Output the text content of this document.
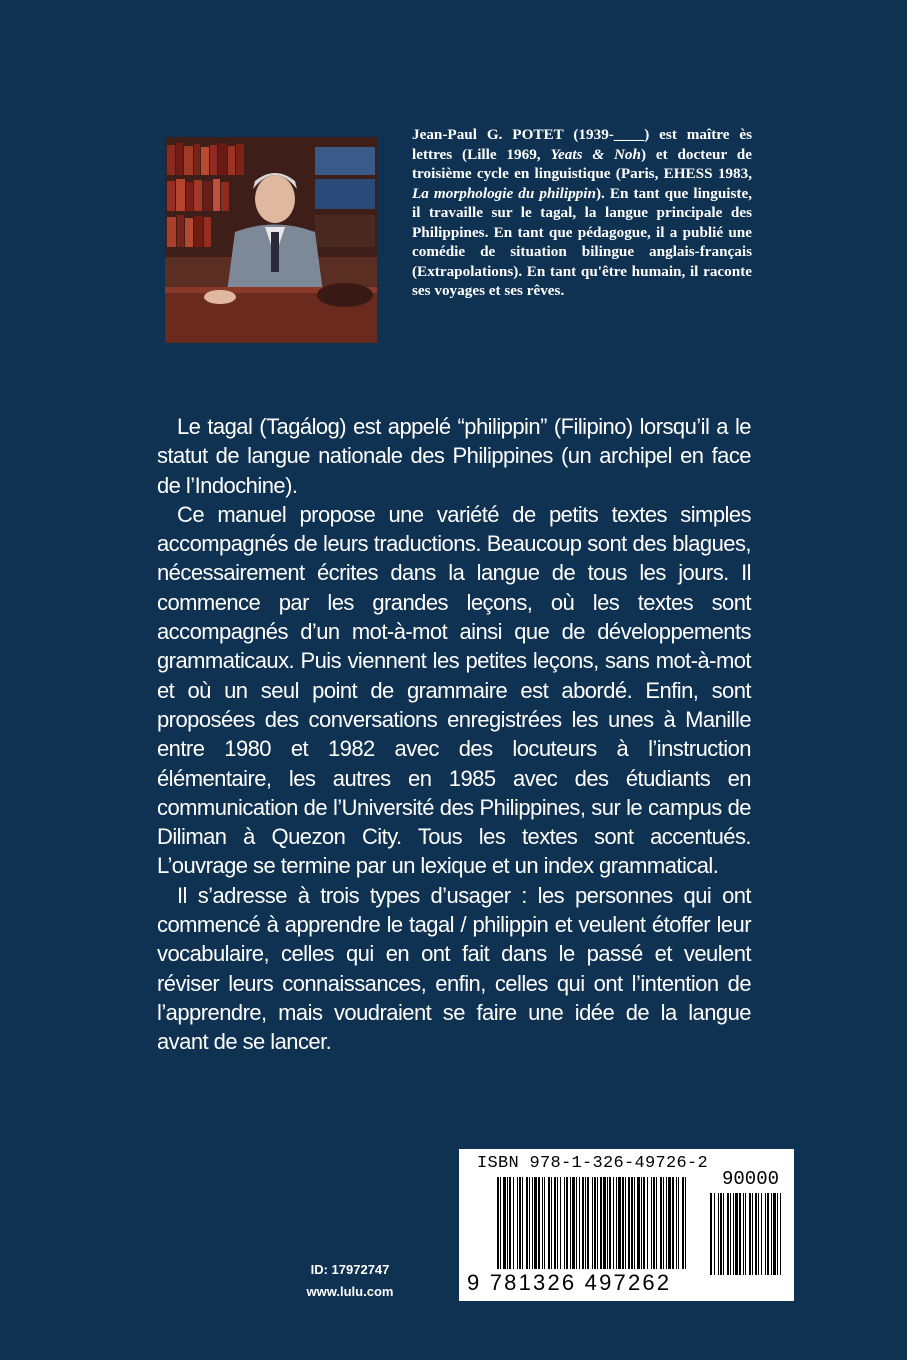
Jean-Paul G. POTET (1939-____) est maître ès lettres (Lille 1969, Yeats & Noh) et docteur de troisième cycle en linguistique (Paris, EHESS 1983, La morphologie du philippin). En tant que linguiste, il travaille sur le tagal, la langue principale des Philippines. En tant que pédagogue, il a publié une comédie de situation bilingue anglais-français (Extrapolations). En tant qu'être humain, il raconte ses voyages et ses rêves.

Le tagal (Tagálog) est appelé “philippin” (Filipino) lorsqu’il a le statut de langue nationale des Philippines (un archipel en face de l’Indochine).

Ce manuel propose une variété de petits textes simples accompagnés de leurs traductions. Beaucoup sont des blagues, nécessairement écrites dans la langue de tous les jours. Il commence par les grandes leçons, où les textes sont accompagnés d’un mot-à-mot ainsi que de développements grammaticaux. Puis viennent les petites leçons, sans mot-à-mot et où un seul point de grammaire est abordé. Enfin, sont proposées des conversations enregistrées les unes à Manille entre 1980 et 1982 avec des locuteurs à l’instruction élémentaire, les autres en 1985 avec des étudiants en communication de l’Université des Philippines, sur le campus de Diliman à Quezon City. Tous les textes sont accentués. L’ouvrage se termine par un lexique et un index grammatical.

Il s’adresse à trois types d’usager : les personnes qui ont commencé à apprendre le tagal / philippin et veulent étoffer leur vocabulaire, celles qui en ont fait dans le passé et veulent réviser leurs connaissances, enfin, celles qui ont l’intention de l’apprendre, mais voudraient se faire une idée de la langue avant de se lancer.

ID: 17972747
www.lulu.com
ISBN 978-1-326-49726-2
90000
9 781326 497262
